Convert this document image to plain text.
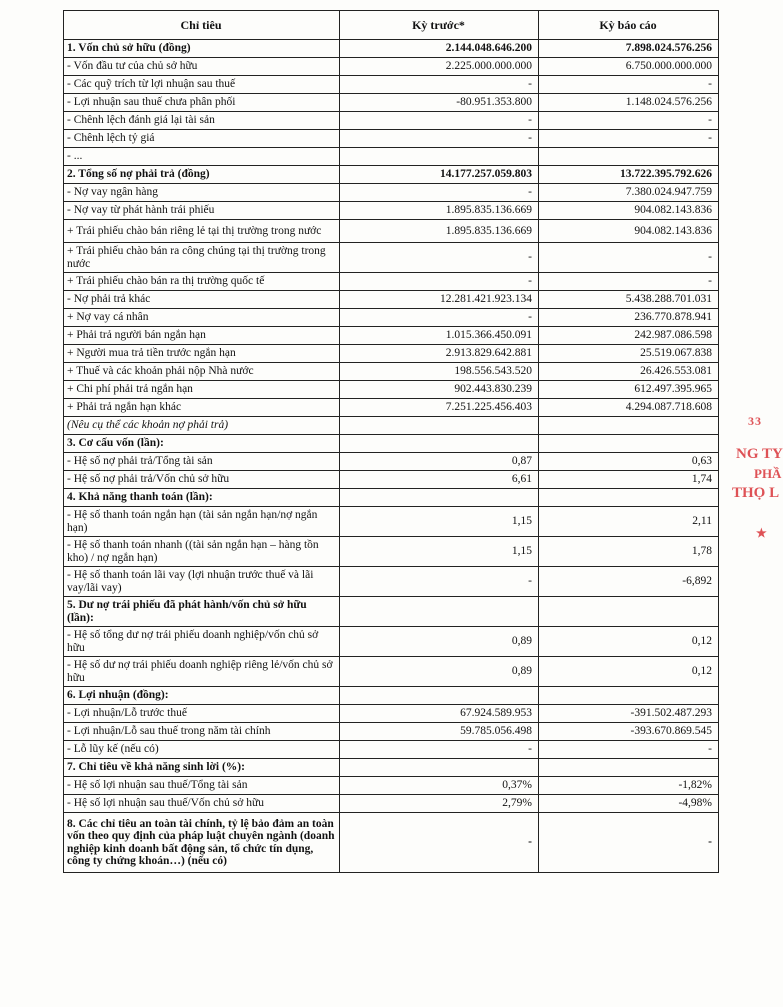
Chỉ tiêu	Kỳ trước*	Kỳ báo cáo

1. Vốn chủ sở hữu (đồng)	2.144.048.646.200	7.898.024.576.256

- Vốn đầu tư của chủ sở hữu	2.225.000.000.000	6.750.000.000.000

- Các quỹ trích từ lợi nhuận sau thuế	-	-

- Lợi nhuận sau thuế chưa phân phối	-80.951.353.800	1.148.024.576.256

- Chênh lệch đánh giá lại tài sản	-	-

- Chênh lệch tỷ giá	-	-

- ...		

2. Tổng số nợ phải trả (đồng)	14.177.257.059.803	13.722.395.792.626

- Nợ vay ngân hàng	-	7.380.024.947.759

- Nợ vay từ phát hành trái phiếu	1.895.835.136.669	904.082.143.836

+ Trái phiếu chào bán riêng lẻ tại thị trường trong nước	1.895.835.136.669	904.082.143.836

+ Trái phiếu chào bán ra công chúng tại thị trường trong
nước	-	-

+ Trái phiếu chào bán ra thị trường quốc tế	-	-

- Nợ phải trả khác	12.281.421.923.134	5.438.288.701.031

+ Nợ vay cá nhân	-	236.770.878.941

+ Phải trả người bán ngắn hạn	1.015.366.450.091	242.987.086.598

+ Người mua trả tiền trước ngắn hạn	2.913.829.642.881	25.519.067.838

+ Thuế và các khoản phải nộp Nhà nước	198.556.543.520	26.426.553.081

+ Chi phí phải trả ngắn hạn	902.443.830.239	612.497.395.965

+ Phải trả ngắn hạn khác	7.251.225.456.403	4.294.087.718.608

(Nêu cụ thể các khoản nợ phải trả)		

3. Cơ cấu vốn (lần):		

- Hệ số nợ phải trả/Tổng tài sản	0,87	0,63

- Hệ số nợ phải trả/Vốn chủ sở hữu	6,61	1,74

4. Khả năng thanh toán (lần):		

- Hệ số thanh toán ngắn hạn (tài sản ngắn hạn/nợ ngắn
hạn)	1,15	2,11

- Hệ số thanh toán nhanh ((tài sản ngắn hạn – hàng tồn
kho) / nợ ngắn hạn)	1,15	1,78

- Hệ số thanh toán lãi vay (lợi nhuận trước thuế và lãi
vay/lãi vay)	-	-6,892

5. Dư nợ trái phiếu đã phát hành/vốn chủ sở hữu
(lần):		

- Hệ số tổng dư nợ trái phiếu doanh nghiệp/vốn chủ sở
hữu	0,89	0,12

- Hệ số dư nợ trái phiếu doanh nghiệp riêng lẻ/vốn chủ sở
hữu	0,89	0,12

6. Lợi nhuận (đồng):		

- Lợi nhuận/Lỗ trước thuế	67.924.589.953	-391.502.487.293

- Lợi nhuận/Lỗ sau thuế trong năm tài chính	59.785.056.498	-393.670.869.545

- Lỗ lũy kế (nếu có)	-	-

7. Chỉ tiêu về khả năng sinh lời (%):		

- Hệ số lợi nhuận sau thuế/Tổng tài sản	0,37%	-1,82%

- Hệ số lợi nhuận sau thuế/Vốn chủ sở hữu	2,79%	-4,98%

8. Các chỉ tiêu an toàn tài chính, tỷ lệ bảo đảm an toàn
vốn theo quy định của pháp luật chuyên ngành (doanh
nghiệp kinh doanh bất động sản, tổ chức tín dụng,
công ty chứng khoán…) (nếu có)	-	-
33
NG TY
PHẦ
THỌ L
★
